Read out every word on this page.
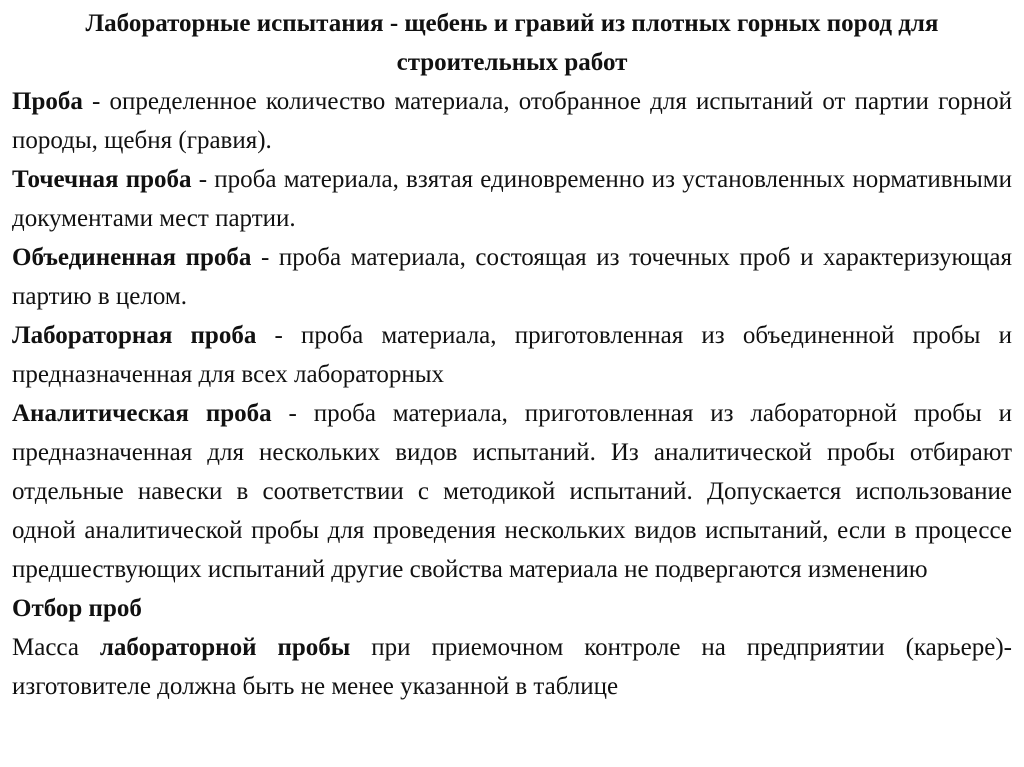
Лабораторные испытания - щебень и гравий из плотных горных пород для
строительных работ

Проба - определенное количество материала, отобранное для испытаний от партии горной породы, щебня (гравия).

Точечная проба - проба материала, взятая единовременно из установленных нормативными документами мест партии.

Объединенная проба - проба материала, состоящая из точечных проб и характеризующая партию в целом.

Лабораторная проба - проба материала, приготовленная из объединенной пробы и предназначенная для всех лабораторных

Аналитическая проба - проба материала, приготовленная из лабораторной пробы и предназначенная для нескольких видов испытаний. Из аналитической пробы отбирают отдельные навески в соответствии с методикой испытаний. Допускается использование одной аналитической пробы для проведения нескольких видов испытаний, если в процессе предшествующих испытаний другие свойства материала не подвергаются изменению

Отбор проб

Масса лабораторной пробы при приемочном контроле на предприятии (карьере)-изготовителе должна быть не менее указанной в таблице
